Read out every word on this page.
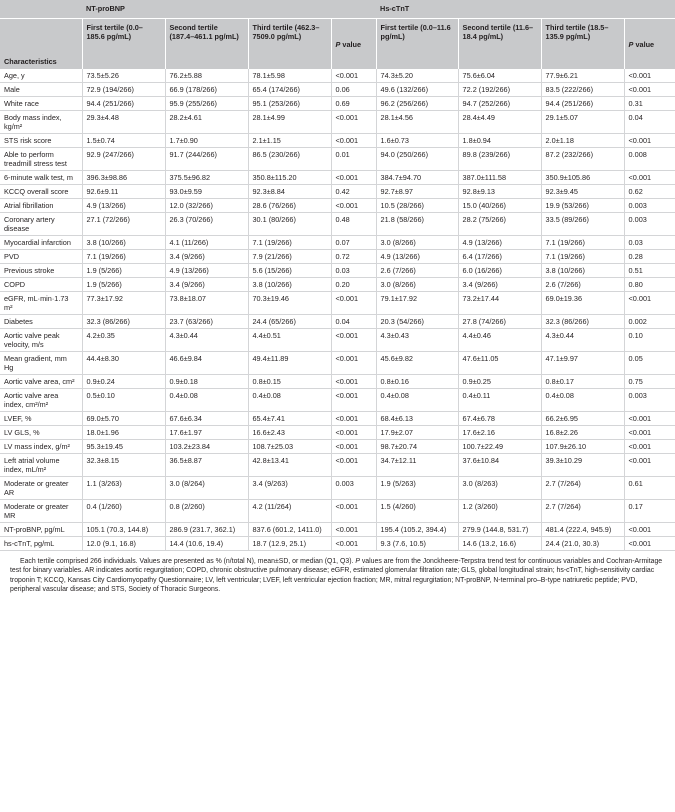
	NT-proBNP				Hs-cTnT			
Characteristics	First tertile (0.0–185.6 pg/mL)	Second tertile (187.4–461.1 pg/mL)	Third tertile (462.3–7509.0 pg/mL)	P value	First tertile (0.0–11.6 pg/mL)	Second tertile (11.6–18.4 pg/mL)	Third tertile (18.5–135.9 pg/mL)	P value
Age, y	73.5±5.26	76.2±5.88	78.1±5.98	<0.001	74.3±5.20	75.6±6.04	77.9±6.21	<0.001
Male	72.9 (194/266)	66.9 (178/266)	65.4 (174/266)	0.06	49.6 (132/266)	72.2 (192/266)	83.5 (222/266)	<0.001
White race	94.4 (251/266)	95.9 (255/266)	95.1 (253/266)	0.69	96.2 (256/266)	94.7 (252/266)	94.4 (251/266)	0.31
Body mass index, kg/m²	29.3±4.48	28.2±4.61	28.1±4.99	<0.001	28.1±4.56	28.4±4.49	29.1±5.07	0.04
STS risk score	1.5±0.74	1.7±0.90	2.1±1.15	<0.001	1.6±0.73	1.8±0.94	2.0±1.18	<0.001
Able to perform treadmill stress test	92.9 (247/266)	91.7 (244/266)	86.5 (230/266)	0.01	94.0 (250/266)	89.8 (239/266)	87.2 (232/266)	0.008
6-minute walk test, m	396.3±98.86	375.5±96.82	350.8±115.20	<0.001	384.7±94.70	387.0±111.58	350.9±105.86	<0.001
KCCQ overall score	92.6±9.11	93.0±9.59	92.3±8.84	0.42	92.7±8.97	92.8±9.13	92.3±9.45	0.62
Atrial fibrillation	4.9 (13/266)	12.0 (32/266)	28.6 (76/266)	<0.001	10.5 (28/266)	15.0 (40/266)	19.9 (53/266)	0.003
Coronary artery disease	27.1 (72/266)	26.3 (70/266)	30.1 (80/266)	0.48	21.8 (58/266)	28.2 (75/266)	33.5 (89/266)	0.003
Myocardial infarction	3.8 (10/266)	4.1 (11/266)	7.1 (19/266)	0.07	3.0 (8/266)	4.9 (13/266)	7.1 (19/266)	0.03
PVD	7.1 (19/266)	3.4 (9/266)	7.9 (21/266)	0.72	4.9 (13/266)	6.4 (17/266)	7.1 (19/266)	0.28
Previous stroke	1.9 (5/266)	4.9 (13/266)	5.6 (15/266)	0.03	2.6 (7/266)	6.0 (16/266)	3.8 (10/266)	0.51
COPD	1.9 (5/266)	3.4 (9/266)	3.8 (10/266)	0.20	3.0 (8/266)	3.4 (9/266)	2.6 (7/266)	0.80
eGFR, mL·min·1.73 m²	77.3±17.92	73.8±18.07	70.3±19.46	<0.001	79.1±17.92	73.2±17.44	69.0±19.36	<0.001
Diabetes	32.3 (86/266)	23.7 (63/266)	24.4 (65/266)	0.04	20.3 (54/266)	27.8 (74/266)	32.3 (86/266)	0.002
Aortic valve peak velocity, m/s	4.2±0.35	4.3±0.44	4.4±0.51	<0.001	4.3±0.43	4.4±0.46	4.3±0.44	0.10
Mean gradient, mm Hg	44.4±8.30	46.6±9.84	49.4±11.89	<0.001	45.6±9.82	47.6±11.05	47.1±9.97	0.05
Aortic valve area, cm²	0.9±0.24	0.9±0.18	0.8±0.15	<0.001	0.8±0.16	0.9±0.25	0.8±0.17	0.75
Aortic valve area index, cm²/m²	0.5±0.10	0.4±0.08	0.4±0.08	<0.001	0.4±0.08	0.4±0.11	0.4±0.08	0.003
LVEF, %	69.0±5.70	67.6±6.34	65.4±7.41	<0.001	68.4±6.13	67.4±6.78	66.2±6.95	<0.001
LV GLS, %	18.0±1.96	17.6±1.97	16.6±2.43	<0.001	17.9±2.07	17.6±2.16	16.8±2.26	<0.001
LV mass index, g/m²	95.3±19.45	103.2±23.84	108.7±25.03	<0.001	98.7±20.74	100.7±22.49	107.9±26.10	<0.001
Left atrial volume index, mL/m²	32.3±8.15	36.5±8.87	42.8±13.41	<0.001	34.7±12.11	37.6±10.84	39.3±10.29	<0.001
Moderate or greater AR	1.1 (3/263)	3.0 (8/264)	3.4 (9/263)	0.003	1.9 (5/263)	3.0 (8/263)	2.7 (7/264)	0.61
Moderate or greater MR	0.4 (1/260)	0.8 (2/260)	4.2 (11/264)	<0.001	1.5 (4/260)	1.2 (3/260)	2.7 (7/264)	0.17
NT-proBNP, pg/mL	105.1 (70.3, 144.8)	286.9 (231.7, 362.1)	837.6 (601.2, 1411.0)	<0.001	195.4 (105.2, 394.4)	279.9 (144.8, 531.7)	481.4 (222.4, 945.9)	<0.001
hs-cTnT, pg/mL	12.0 (9.1, 16.8)	14.4 (10.6, 19.4)	18.7 (12.9, 25.1)	<0.001	9.3 (7.6, 10.5)	14.6 (13.2, 16.6)	24.4 (21.0, 30.3)	<0.001

Each tertile comprised 266 individuals. Values are presented as % (n/total N), mean±SD, or median (Q1, Q3). P values are from the Jonckheere-Terpstra trend test for continuous variables and Cochran-Armitage test for binary variables. AR indicates aortic regurgitation; COPD, chronic obstructive pulmonary disease; eGFR, estimated glomerular filtration rate; GLS, global longitudinal strain; hs-cTnT, high-sensitivity cardiac troponin T; KCCQ, Kansas City Cardiomyopathy Questionnaire; LV, left ventricular; LVEF, left ventricular ejection fraction; MR, mitral regurgitation; NT-proBNP, N-terminal pro–B-type natriuretic peptide; PVD, peripheral vascular disease; and STS, Society of Thoracic Surgeons.
